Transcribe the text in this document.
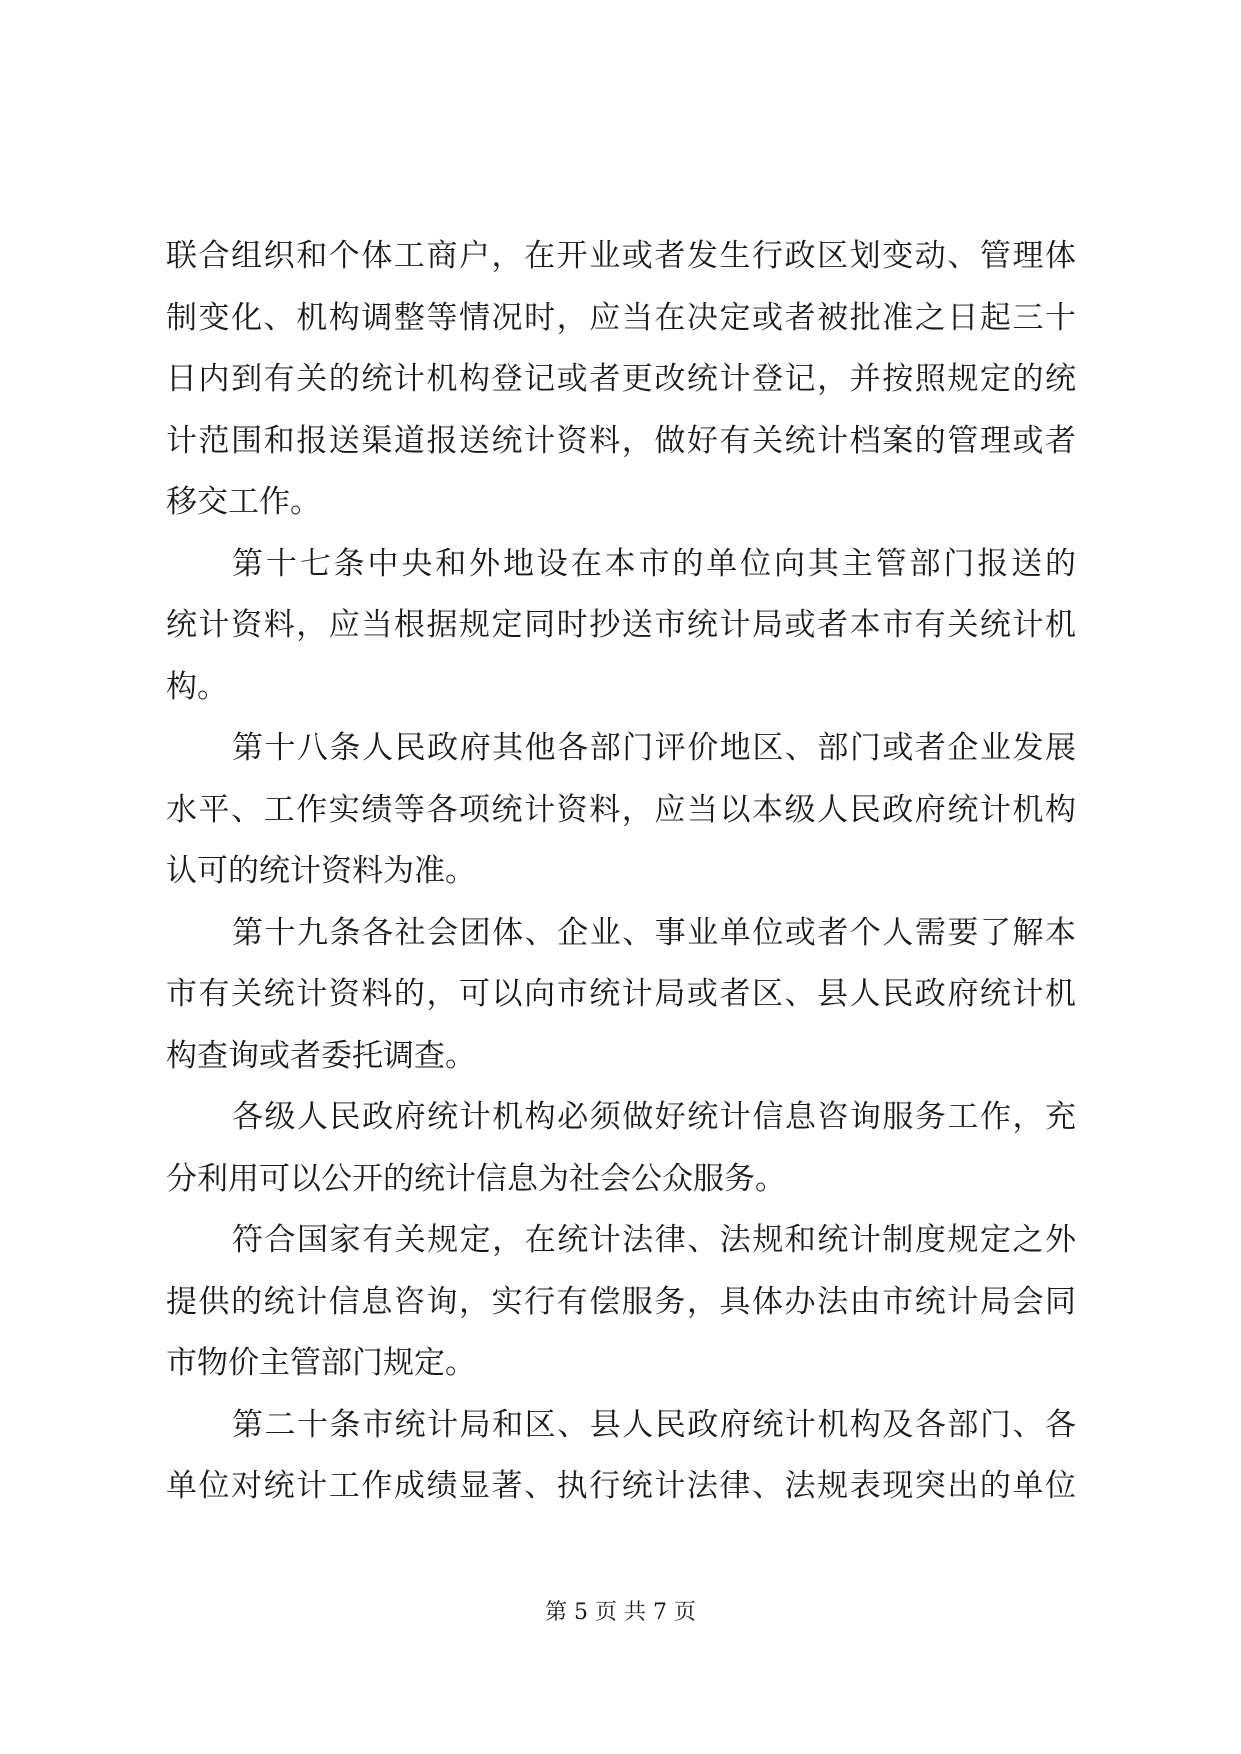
联合组织和个体工商户，在开业或者发生行政区划变动、管理体
制变化、机构调整等情况时，应当在决定或者被批准之日起三十
日内到有关的统计机构登记或者更改统计登记，并按照规定的统
计范围和报送渠道报送统计资料，做好有关统计档案的管理或者
移交工作。
第十七条中央和外地设在本市的单位向其主管部门报送的
统计资料，应当根据规定同时抄送市统计局或者本市有关统计机
构。
第十八条人民政府其他各部门评价地区、部门或者企业发展
水平、工作实绩等各项统计资料，应当以本级人民政府统计机构
认可的统计资料为准。
第十九条各社会团体、企业、事业单位或者个人需要了解本
市有关统计资料的，可以向市统计局或者区、县人民政府统计机
构查询或者委托调查。
各级人民政府统计机构必须做好统计信息咨询服务工作，充
分利用可以公开的统计信息为社会公众服务。
符合国家有关规定，在统计法律、法规和统计制度规定之外
提供的统计信息咨询，实行有偿服务，具体办法由市统计局会同
市物价主管部门规定。
第二十条市统计局和区、县人民政府统计机构及各部门、各
单位对统计工作成绩显著、执行统计法律、法规表现突出的单位
第 5 页 共 7 页
